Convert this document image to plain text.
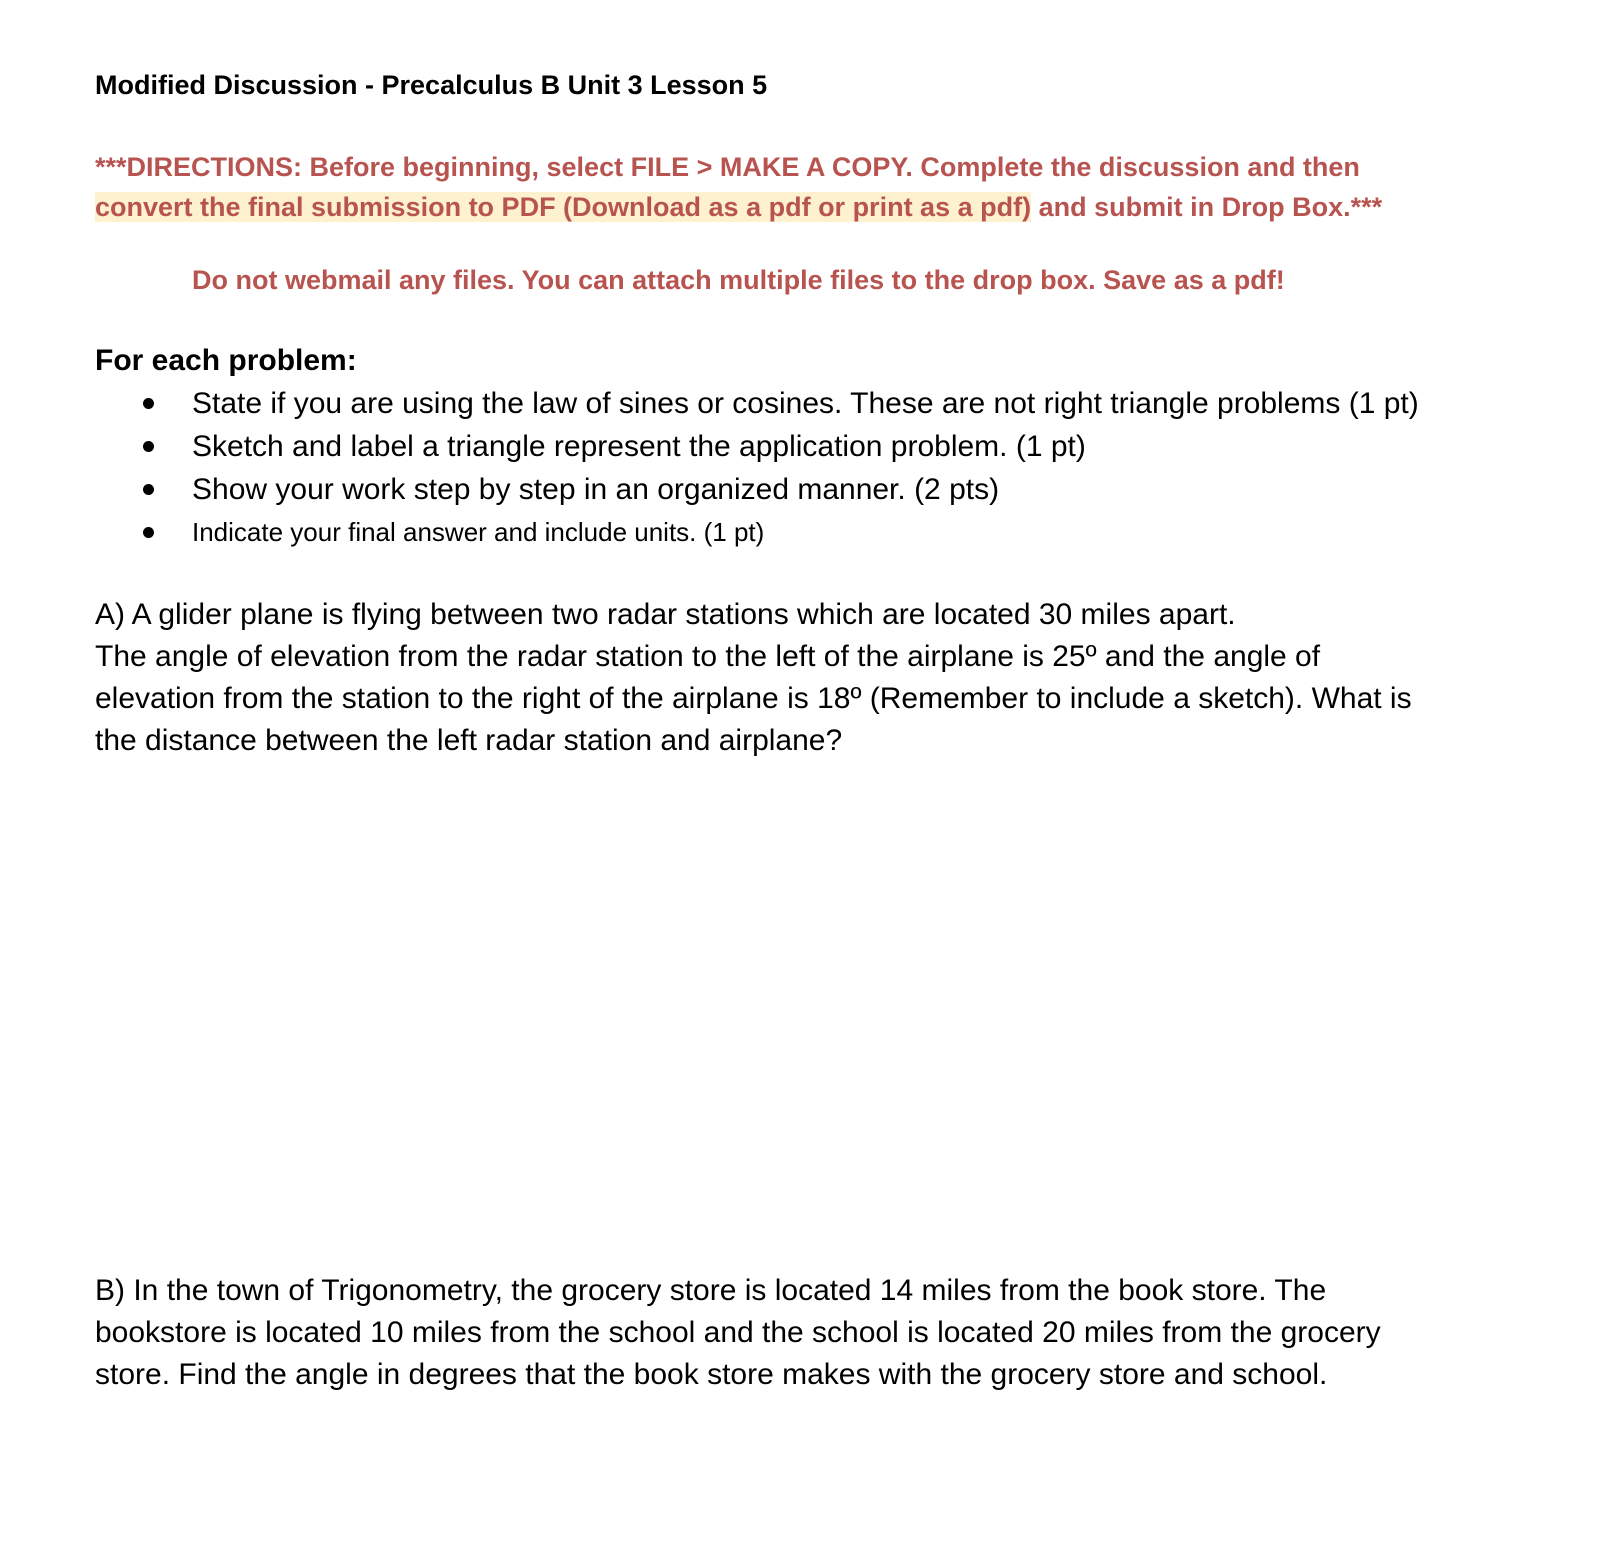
Modified Discussion - Precalculus B Unit 3 Lesson 5
***DIRECTIONS: Before beginning, select FILE > MAKE A COPY. Complete the discussion and then
convert the final submission to PDF (Download as a pdf or print as a pdf) and submit in Drop Box.***
Do not webmail any files. You can attach multiple files to the drop box. Save as a pdf!
For each problem:
State if you are using the law of sines or cosines. These are not right triangle problems (1 pt)
Sketch and label a triangle represent the application problem. (1 pt)
Show your work step by step in an organized manner. (2 pts)
Indicate your final answer and include units. (1 pt)
A) A glider plane is flying between two radar stations which are located 30 miles apart.
The angle of elevation from the radar station to the left of the airplane is 25º and the angle of
elevation from the station to the right of the airplane is 18º (Remember to include a sketch). What is
the distance between the left radar station and airplane?
B) In the town of Trigonometry, the grocery store is located 14 miles from the book store. The
bookstore is located 10 miles from the school and the school is located 20 miles from the grocery
store. Find the angle in degrees that the book store makes with the grocery store and school.
